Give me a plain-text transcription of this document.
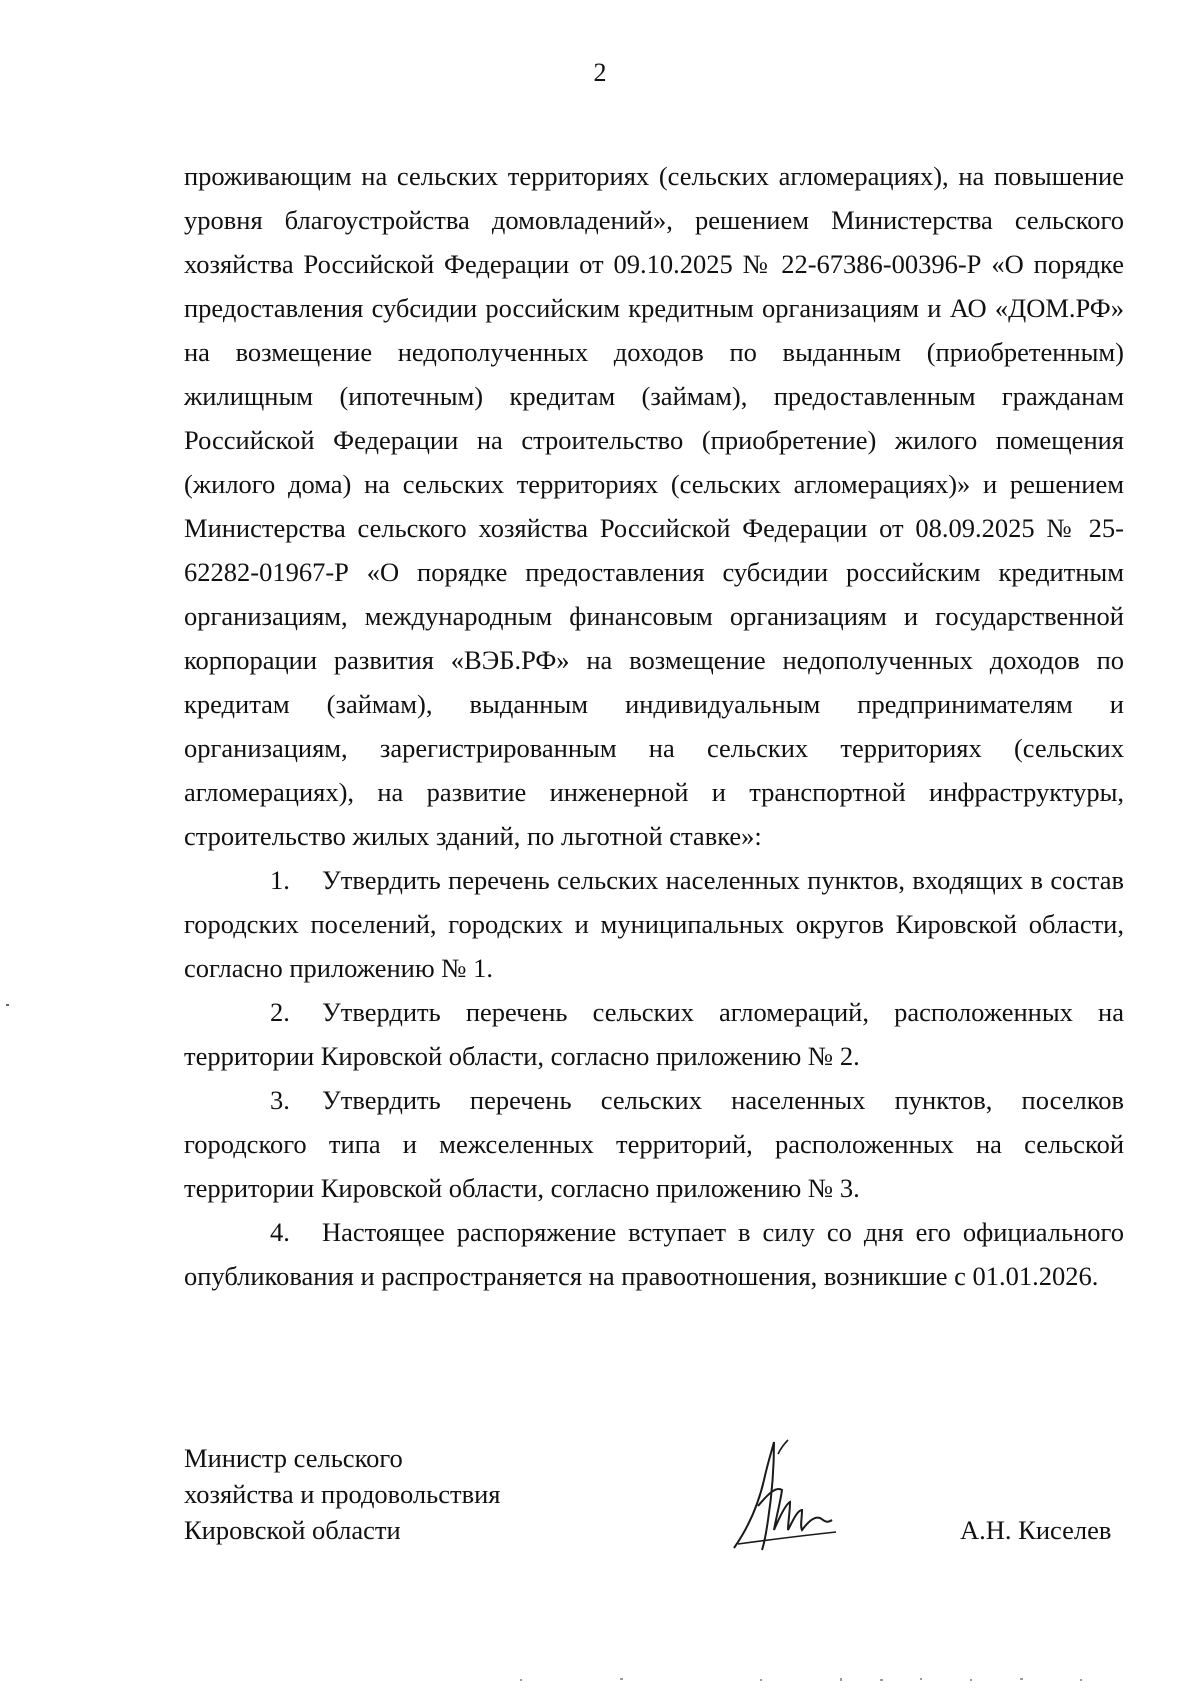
2

проживающим на сельских территориях (сельских агломерациях), на повышение уровня благоустройства домовладений», решением Министерства сельского хозяйства Российской Федерации от 09.10.2025 № 22-67386-00396-Р «О порядке предоставления субсидии российским кредитным организациям и АО «ДОМ.РФ» на возмещение недополученных доходов по выданным (приобретенным) жилищным (ипотечным) кредитам (займам), предоставленным гражданам Российской Федерации на строительство (приобретение) жилого помещения (жилого дома) на сельских территориях (сельских агломерациях)» и решением Министерства сельского хозяйства Российской Федерации от 08.09.2025 № 25-62282-01967-Р «О порядке предоставления субсидии российским кредитным организациям, международным финансовым организациям и государственной корпорации развития «ВЭБ.РФ» на возмещение недополученных доходов по кредитам (займам), выданным индивидуальным предпринимателям и организациям, зарегистрированным на сельских территориях (сельских агломерациях), на развитие инженерной и транспортной инфраструктуры, строительство жилых зданий, по льготной ставке»:

1. Утвердить перечень сельских населенных пунктов, входящих в состав городских поселений, городских и муниципальных округов Кировской области, согласно приложению № 1.

2. Утвердить перечень сельских агломераций, расположенных на территории Кировской области, согласно приложению № 2.

3. Утвердить перечень сельских населенных пунктов, поселков городского типа и межселенных территорий, расположенных на сельской территории Кировской области, согласно приложению № 3.

4. Настоящее распоряжение вступает в силу со дня его официального опубликования и распространяется на правоотношения, возникшие с 01.01.2026.

Министр сельского
хозяйства и продовольствия
Кировской области	А.Н. Киселев
